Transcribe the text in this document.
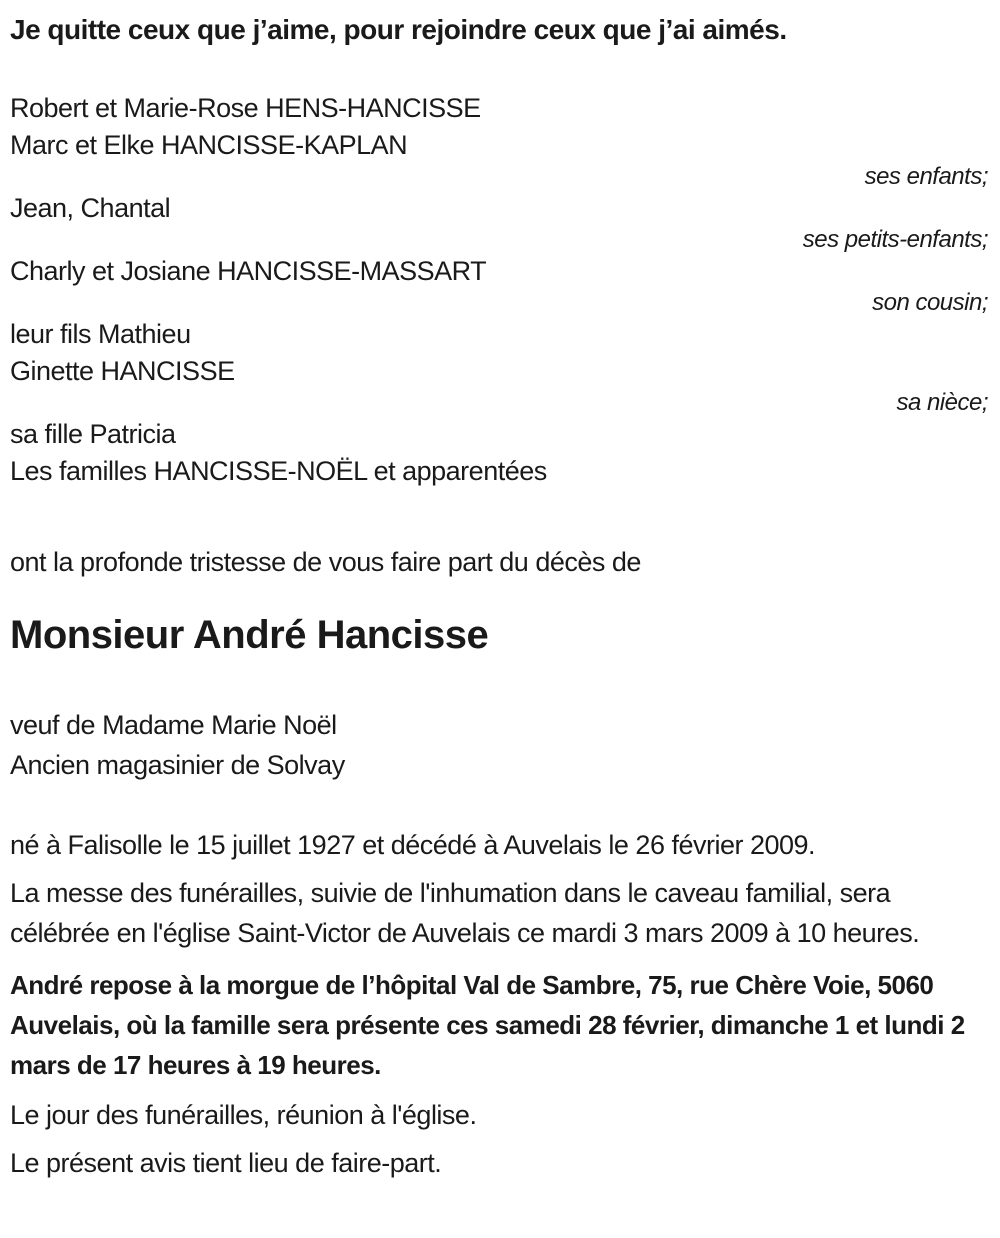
Je quitte ceux que j’aime, pour rejoindre ceux que j’ai aimés.

Robert et Marie-Rose HENS-HANCISSE
Marc et Elke HANCISSE-KAPLAN
ses enfants;
Jean, Chantal
ses petits-enfants;
Charly et Josiane HANCISSE-MASSART
son cousin;
leur fils Mathieu
Ginette HANCISSE
sa nièce;
sa fille Patricia
Les familles HANCISSE-NOËL et apparentées

ont la profonde tristesse de vous faire part du décès de

Monsieur André Hancisse

veuf de Madame Marie Noël

Ancien magasinier de Solvay

né à Falisolle le 15 juillet 1927 et décédé à Auvelais le 26 février 2009.

La messe des funérailles, suivie de l'inhumation dans le caveau familial, sera célébrée en l'église Saint-Victor de Auvelais ce mardi 3 mars 2009 à 10 heures.

André repose à la morgue de l’hôpital Val de Sambre, 75, rue Chère Voie, 5060 Auvelais, où la famille sera présente ces samedi 28 février, dimanche 1 et lundi 2 mars de 17 heures à 19 heures.

Le jour des funérailles, réunion à l'église.

Le présent avis tient lieu de faire-part.
